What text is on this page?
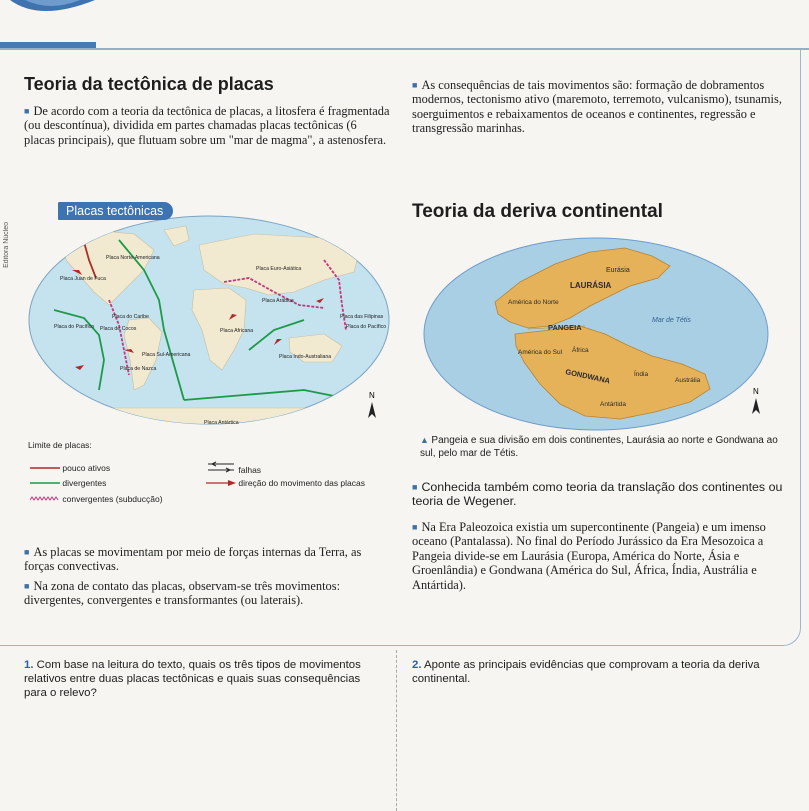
Teoria da tectônica de placas

■ De acordo com a teoria da tectônica de placas, a litosfera é fragmentada (ou descontínua), dividida em partes chamadas placas tectônicas (6 placas principais), que flutuam sobre um "mar de magma", a astenosfera.

Editora Núcleo	Placa Norte-Americana
Placa Euro-Asiática
Placa das Filipinas
Placa do Pacífico
Placa do Caribe
Placa de Cocos
Placa de Nazca
Placa Sul-Americana
Placa Africana
Placa Arábica
Placa Indo-Australiana
Placa Antártica
Placa Juan de Fuca
Placa do Pacífico
N
Placas tectônicas
Limite de placas:
pouco ativos
divergentes
convergentes (subducção)
falhas
direção do movimento das placas

■ As placas se movimentam por meio de forças internas da Terra, as forças convectivas.

■ Na zona de contato das placas, observam-se três movimentos: divergentes, convergentes e transformantes (ou laterais).

■ As consequências de tais movimentos são: formação de dobramentos modernos, tectonismo ativo (maremoto, terremoto, vulcanismo), tsunamis, soerguimentos e rebaixamentos de oceanos e continentes, regressão e transgressão marinhas.

Teoria da deriva continental
Eurásia
LAURÁSIA
América do Norte
Mar de Tétis
PANGEIA
África
América do Sul
GONDWANA	Índia
Austrália
Antártida
N
▲ Pangeia e sua divisão em dois continentes, Laurásia ao norte e Gondwana ao sul, pelo mar de Tétis.

■ Conhecida também como teoria da translação dos continentes ou teoria de Wegener.

■ Na Era Paleozoica existia um supercontinente (Pangeia) e um imenso oceano (Pantalassa). No final do Período Jurássico da Era Mesozoica a Pangeia divide-se em Laurásia (Europa, América do Norte, Ásia e Groenlândia) e Gondwana (América do Sul, África, Índia, Austrália e Antártida).

1. Com base na leitura do texto, quais os três tipos de movimentos relativos entre duas placas tectônicas e quais suas consequências para o relevo?
2. Aponte as principais evidências que comprovam a teoria da deriva continental.
